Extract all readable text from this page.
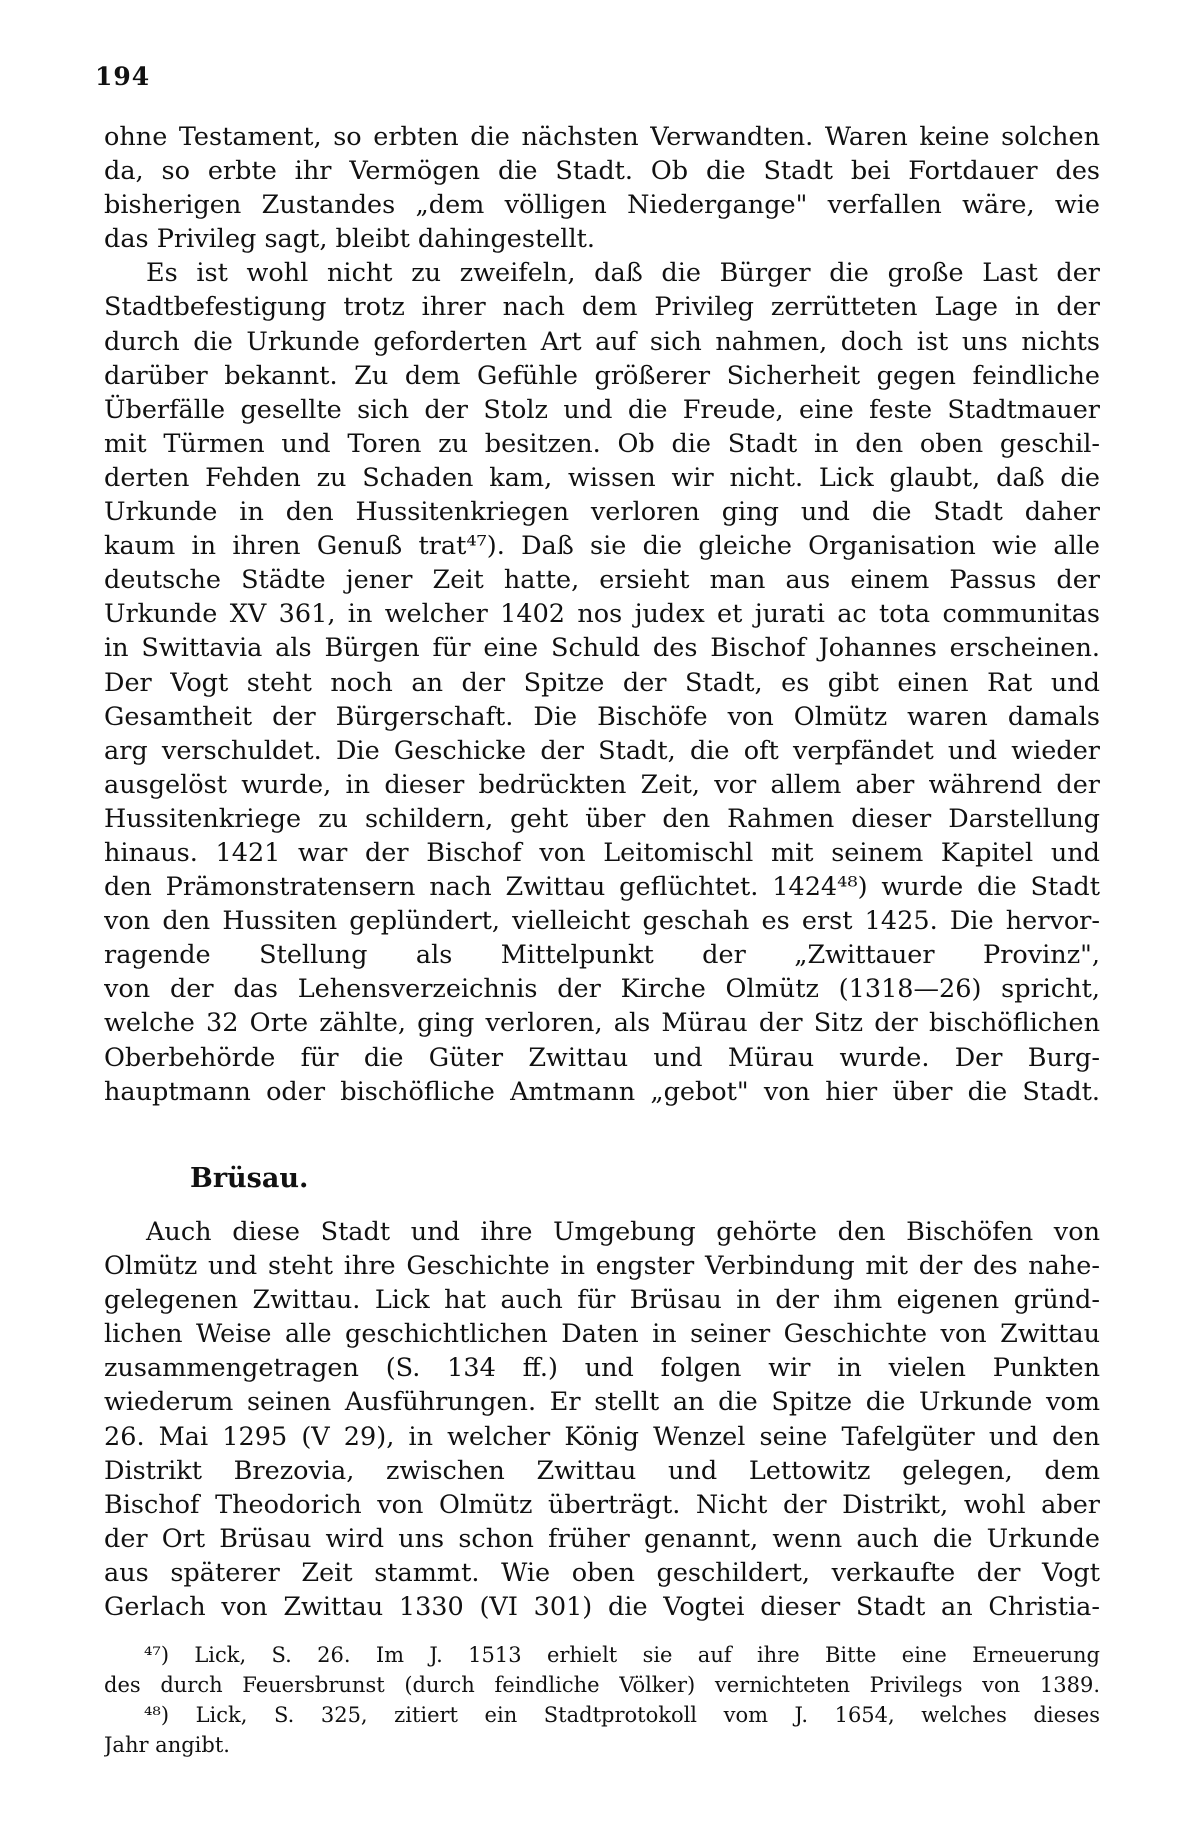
194
ohne Testament, so erbten die nächsten Verwandten. Waren keine solchen
da, so erbte ihr Vermögen die Stadt. Ob die Stadt bei Fortdauer des
bisherigen Zustandes „dem völligen Niedergange" verfallen wäre, wie
das Privileg sagt, bleibt dahingestellt.
Es ist wohl nicht zu zweifeln, daß die Bürger die große Last der
Stadtbefestigung trotz ihrer nach dem Privileg zerrütteten Lage in der
durch die Urkunde geforderten Art auf sich nahmen, doch ist uns nichts
darüber bekannt. Zu dem Gefühle größerer Sicherheit gegen feindliche
Überfälle gesellte sich der Stolz und die Freude, eine feste Stadtmauer
mit Türmen und Toren zu besitzen. Ob die Stadt in den oben geschil-
derten Fehden zu Schaden kam, wissen wir nicht. Lick glaubt, daß die
Urkunde in den Hussitenkriegen verloren ging und die Stadt daher
kaum in ihren Genuß trat⁴⁷). Daß sie die gleiche Organisation wie alle
deutsche Städte jener Zeit hatte, ersieht man aus einem Passus der
Urkunde XV 361, in welcher 1402 nos judex et jurati ac tota communitas
in Swittavia als Bürgen für eine Schuld des Bischof Johannes erscheinen.
Der Vogt steht noch an der Spitze der Stadt, es gibt einen Rat und
Gesamtheit der Bürgerschaft. Die Bischöfe von Olmütz waren damals
arg verschuldet. Die Geschicke der Stadt, die oft verpfändet und wieder
ausgelöst wurde, in dieser bedrückten Zeit, vor allem aber während der
Hussitenkriege zu schildern, geht über den Rahmen dieser Darstellung
hinaus. 1421 war der Bischof von Leitomischl mit seinem Kapitel und
den Prämonstratensern nach Zwittau geflüchtet. 1424⁴⁸) wurde die Stadt
von den Hussiten geplündert, vielleicht geschah es erst 1425. Die hervor-
ragende Stellung als Mittelpunkt der „Zwittauer Provinz",
von der das Lehensverzeichnis der Kirche Olmütz (1318—26) spricht,
welche 32 Orte zählte, ging verloren, als Mürau der Sitz der bischöflichen
Oberbehörde für die Güter Zwittau und Mürau wurde. Der Burg-
hauptmann oder bischöfliche Amtmann „gebot" von hier über die Stadt.
Brüsau.
Auch diese Stadt und ihre Umgebung gehörte den Bischöfen von
Olmütz und steht ihre Geschichte in engster Verbindung mit der des nahe-
gelegenen Zwittau. Lick hat auch für Brüsau in der ihm eigenen gründ-
lichen Weise alle geschichtlichen Daten in seiner Geschichte von Zwittau
zusammengetragen (S. 134 ff.) und folgen wir in vielen Punkten
wiederum seinen Ausführungen. Er stellt an die Spitze die Urkunde vom
26. Mai 1295 (V 29), in welcher König Wenzel seine Tafelgüter und den
Distrikt Brezovia, zwischen Zwittau und Lettowitz gelegen, dem
Bischof Theodorich von Olmütz überträgt. Nicht der Distrikt, wohl aber
der Ort Brüsau wird uns schon früher genannt, wenn auch die Urkunde
aus späterer Zeit stammt. Wie oben geschildert, verkaufte der Vogt
Gerlach von Zwittau 1330 (VI 301) die Vogtei dieser Stadt an Christia-
⁴⁷) Lick, S. 26. Im J. 1513 erhielt sie auf ihre Bitte eine Erneuerung
des durch Feuersbrunst (durch feindliche Völker) vernichteten Privilegs von 1389.
⁴⁸) Lick, S. 325, zitiert ein Stadtprotokoll vom J. 1654, welches dieses
Jahr angibt.
